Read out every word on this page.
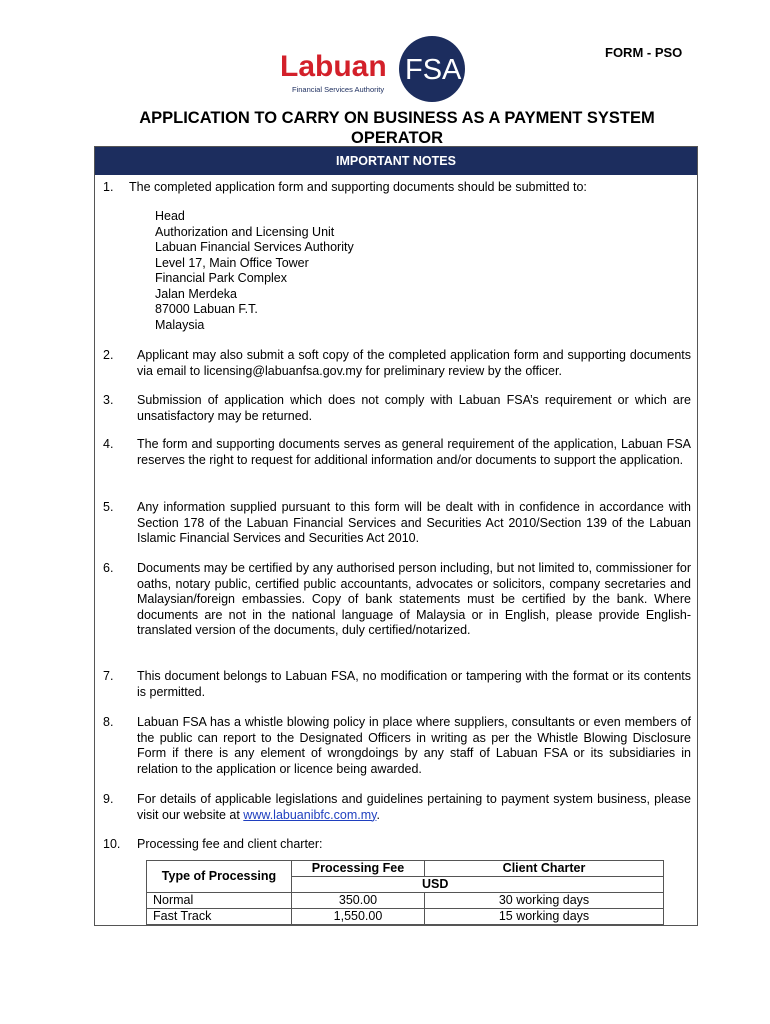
FORM - PSO
Labuan FSA
Financial Services Authority
APPLICATION TO CARRY ON BUSINESS AS A PAYMENT SYSTEM OPERATOR
IMPORTANT NOTES
1. The completed application form and supporting documents should be submitted to:
Head
Authorization and Licensing Unit
Labuan Financial Services Authority
Level 17, Main Office Tower
Financial Park Complex
Jalan Merdeka
87000 Labuan F.T.
Malaysia
2. Applicant may also submit a soft copy of the completed application form and supporting documents via email to licensing@labuanfsa.gov.my for preliminary review by the officer.
3. Submission of application which does not comply with Labuan FSA’s requirement or which are unsatisfactory may be returned.
4. The form and supporting documents serves as general requirement of the application, Labuan FSA reserves the right to request for additional information and/or documents to support the application.
5. Any information supplied pursuant to this form will be dealt with in confidence in accordance with Section 178 of the Labuan Financial Services and Securities Act 2010/Section 139 of the Labuan Islamic Financial Services and Securities Act 2010.
6. Documents may be certified by any authorised person including, but not limited to, commissioner for oaths, notary public, certified public accountants, advocates or solicitors, company secretaries and Malaysian/foreign embassies. Copy of bank statements must be certified by the bank. Where documents are not in the national language of Malaysia or in English, please provide English-translated version of the documents, duly certified/notarized.
7. This document belongs to Labuan FSA, no modification or tampering with the format or its contents is permitted.
8. Labuan FSA has a whistle blowing policy in place where suppliers, consultants or even members of the public can report to the Designated Officers in writing as per the Whistle Blowing Disclosure Form if there is any element of wrongdoings by any staff of Labuan FSA or its subsidiaries in relation to the application or licence being awarded.
9. For details of applicable legislations and guidelines pertaining to payment system business, please visit our website at www.labuanibfc.com.my.
10. Processing fee and client charter:
Type of Processing	Processing Fee	Client Charter
	USD	
Normal	350.00	30 working days
Fast Track	1,550.00	15 working days
